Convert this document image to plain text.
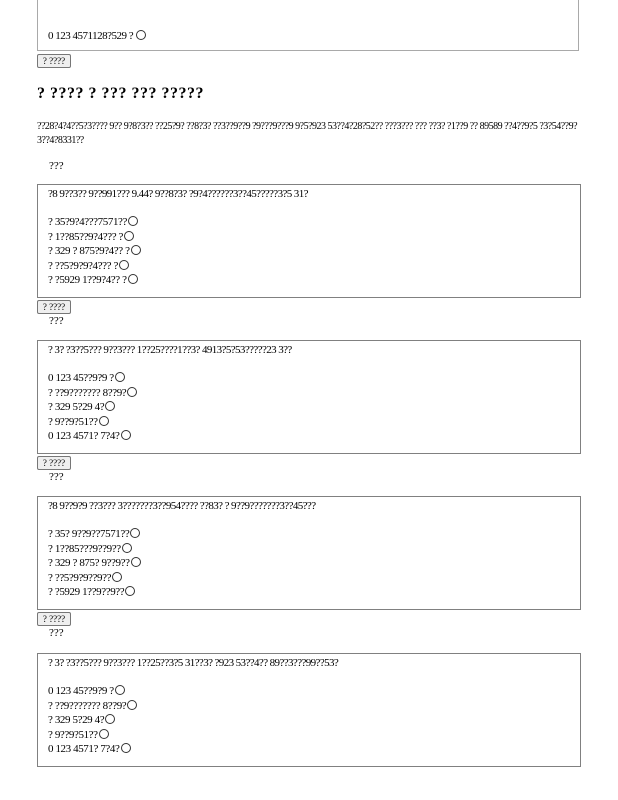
0 123 4571128?529 ?
? ????
? ???? ? ??? ??? ?????

??28?4?4??5?3???? 9?? 9?8?3?? ??25?9? ??8?3? ??3??9??9 ?9???9???9 9?5?923 53??4?28?52?? ???3??? ??? ??3? ?1??9 ?? 89589 ??4??9?5 ?3?54??9?3??4?8331??

???

?8 9??3?? 9??991??? 9.44? 9??8?3? ?9?4??????3??45?????3?5 31?

? 35?9?4???7571??
? 1??85??9?4??? ?
? 329 ? 875?9?4?? ?
? ??5?9?9?4??? ?
? ?5929 1??9?4?? ?
? ????
???

? 3? ?3??5??? 9??3??? 1??25????1??3? 4913?5?53?????23 3??

0 123 45??9?9 ?
? ??9??????? 8??9?
? 329 5?29 4?
? 9??9?51??
0 123 4571? 7?4?
? ????
???

?8 9??9?9 ??3??? 3???????3??954???? ??83? ? 9??9???????3??45???

? 35? 9??9??7571??
? 1??85???9??9??
? 329 ? 875? 9??9??
? ??5?9?9??9??
? ?5929 1??9??9??
? ????
???

? 3? ?3??5??? 9??3??? 1??25??3?5 31??3? ?923 53??4?? 89??3???99??53?

0 123 45??9?9 ?
? ??9??????? 8??9?
? 329 5?29 4?
? 9??9?51??
0 123 4571? 7?4?
